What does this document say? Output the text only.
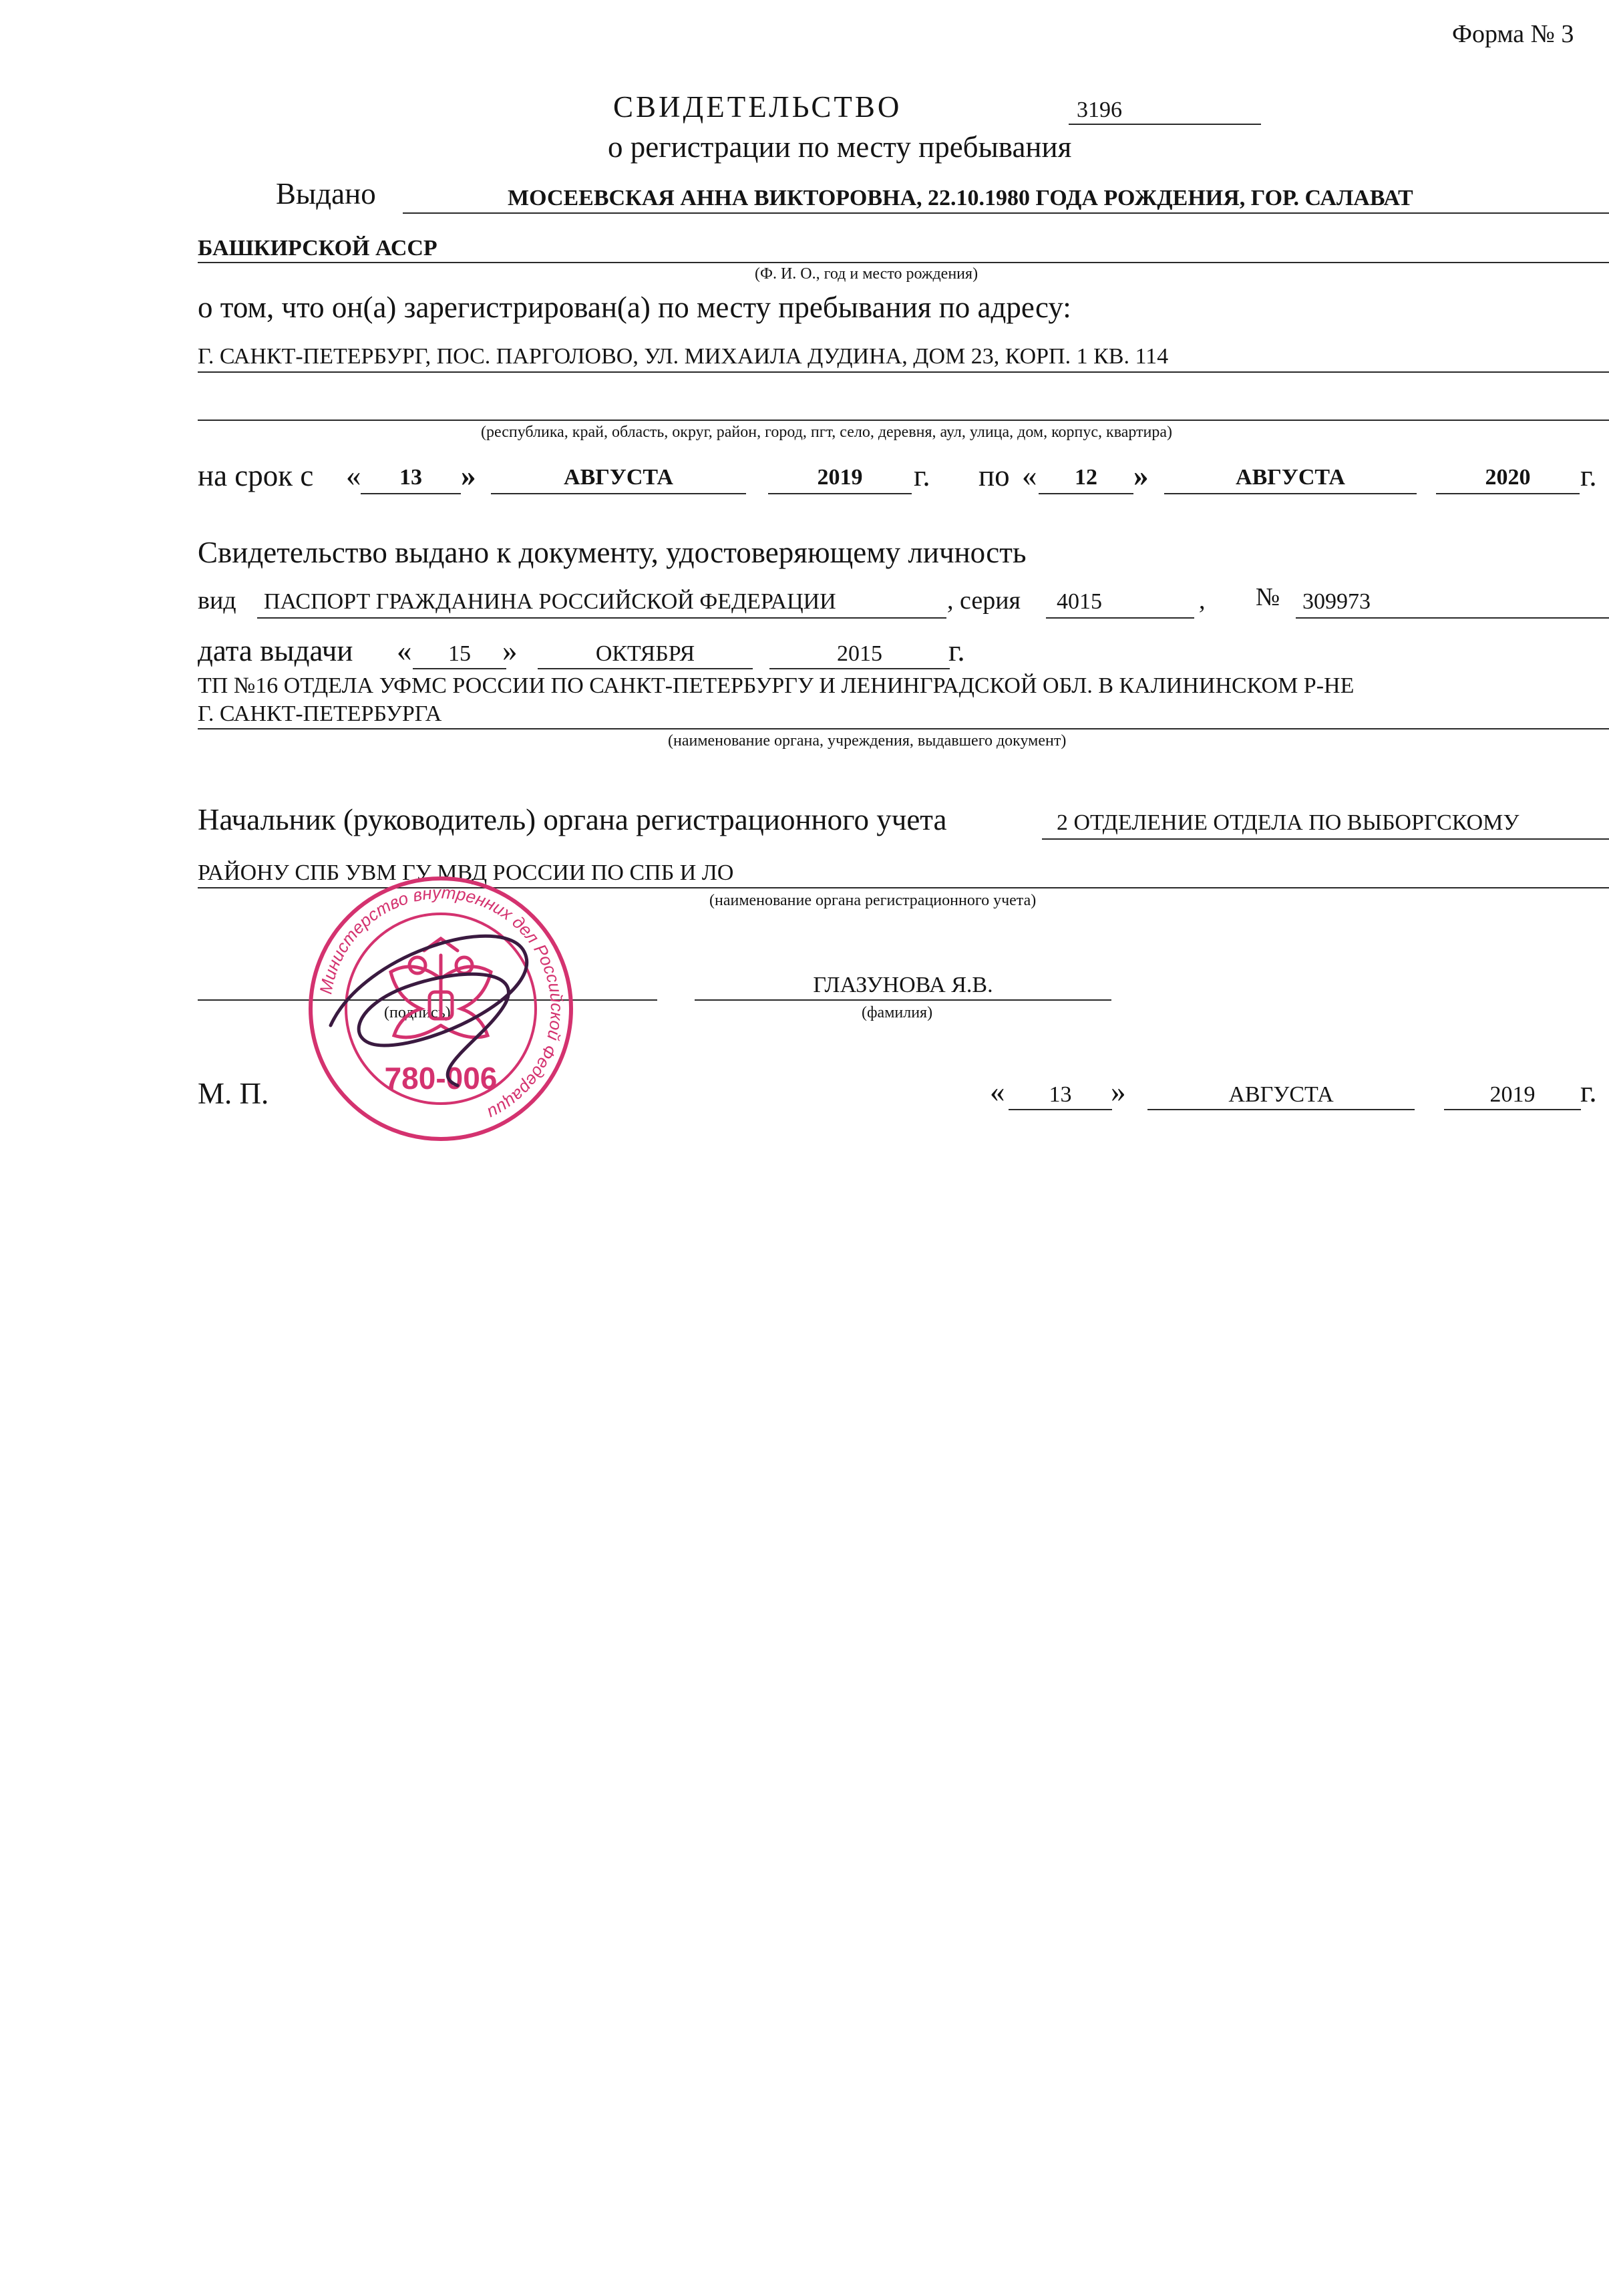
Форма № 3
СВИДЕТЕЛЬСТВО	3196
о регистрации по месту пребывания
Выдано	МОСЕЕВСКАЯ АННА ВИКТОРОВНА, 22.10.1980 ГОДА РОЖДЕНИЯ, ГОР. САЛАВАТ
БАШКИРСКОЙ АССР
(Ф. И. О., год и место рождения)
о том, что он(а) зарегистрирован(а) по месту пребывания по адресу:
Г. САНКТ-ПЕТЕРБУРГ, ПОС. ПАРГОЛОВО, УЛ. МИХАИЛА ДУДИНА, ДОМ 23, КОРП. 1 КВ. 114
(республика, край, область, округ, район, город, пгт, село, деревня, аул, улица, дом, корпус, квартира)
на срок с «	13	»	АВГУСТА	2019	г. по «	12	»	АВГУСТА	2020	г.
Свидетельство выдано к документу, удостоверяющему личность
вид ПАСПОРТ ГРАЖДАНИНА РОССИЙСКОЙ ФЕДЕРАЦИИ	, серия 4015	, № 309973
дата выдачи «	15	»	ОКТЯБРЯ	2015	г.
ТП №16 ОТДЕЛА УФМС РОССИИ ПО САНКТ-ПЕТЕРБУРГУ И ЛЕНИНГРАДСКОЙ ОБЛ. В КАЛИНИНСКОМ Р-НЕ
Г. САНКТ-ПЕТЕРБУРГА
(наименование органа, учреждения, выдавшего документ)
Начальник (руководитель) органа регистрационного учета	2 ОТДЕЛЕНИЕ ОТДЕЛА ПО ВЫБОРГСКОМУ
РАЙОНУ СПБ УВМ ГУ МВД РОССИИ ПО СПБ И ЛО
(наименование органа регистрационного учета)
(подпись)
ГЛАЗУНОВА Я.В.
(фамилия)
М. П.	«	13	»	АВГУСТА	2019	г.
Министерство внутренних дел Российской Федерации
780-006
